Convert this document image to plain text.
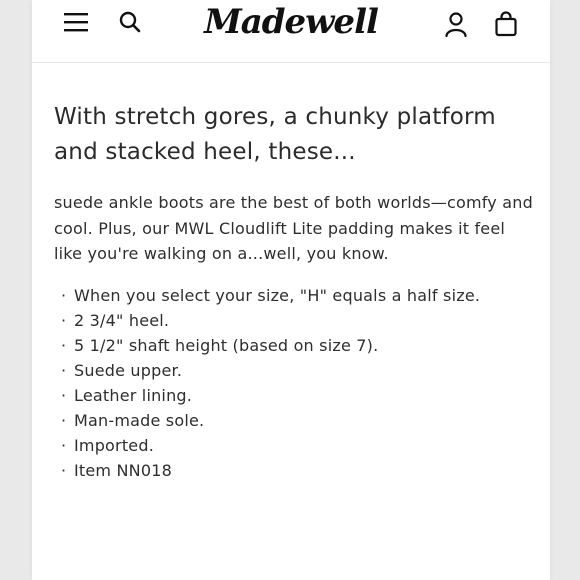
Madewell
With stretch gores, a chunky platform and stacked heel, these...

suede ankle boots are the best of both worlds—comfy and cool. Plus, our MWL Cloudlift Lite padding makes it feel like you're walking on a...well, you know.

· When you select your size, "H" equals a half size.
· 2 3/4" heel.
· 5 1/2" shaft height (based on size 7).
· Suede upper.
· Leather lining.
· Man-made sole.
· Imported.
· Item NN018
